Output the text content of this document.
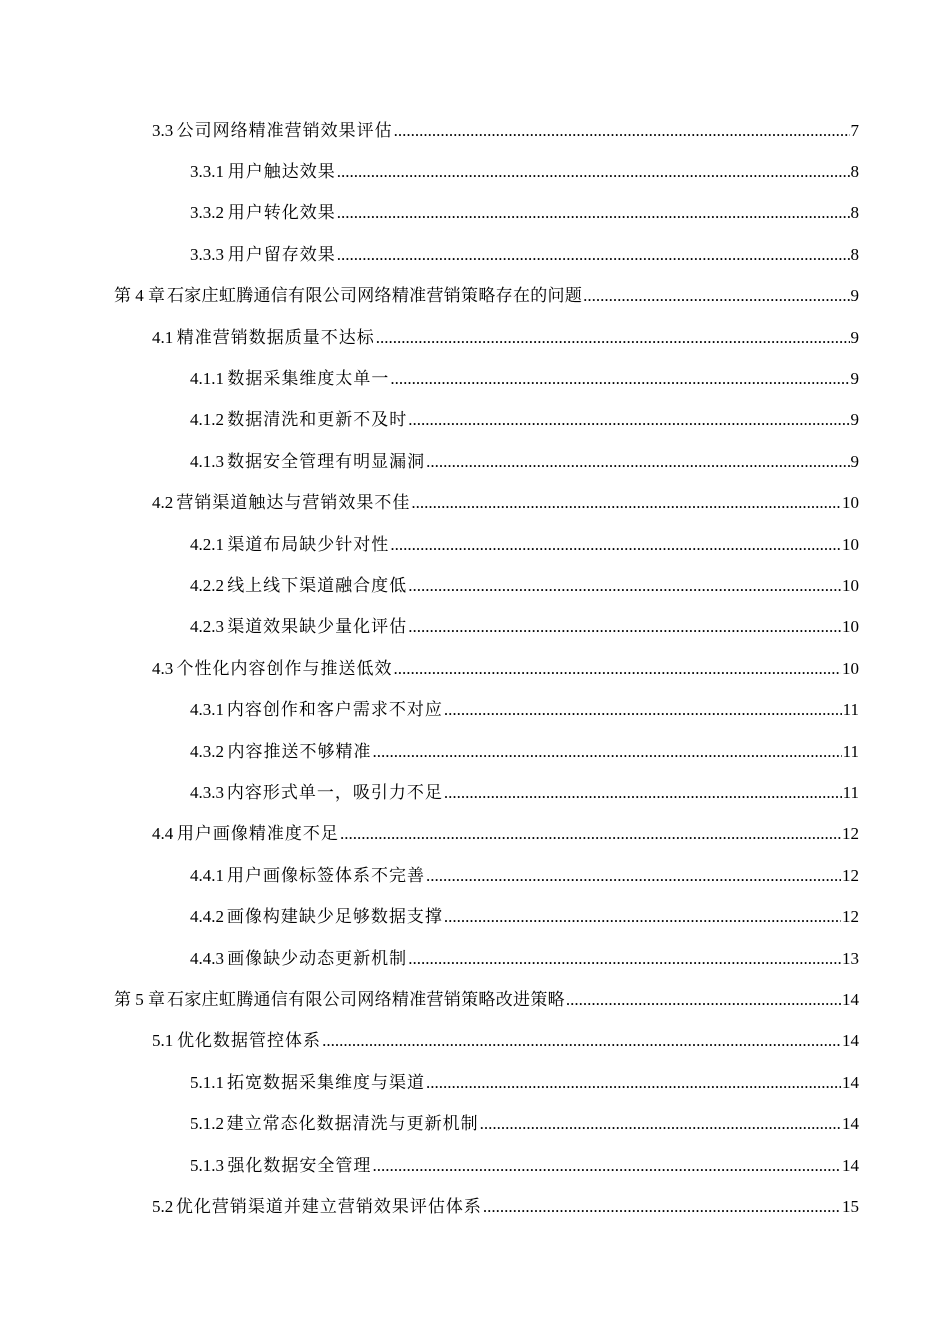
3.3 公司网络精准营销效果评估 .....	7
3.3.1 用户触达效果 .....	8
3.3.2 用户转化效果 .....	8
3.3.3 用户留存效果 .....	8
第 4 章 石家庄虹腾通信有限公司网络精准营销策略存在的问题 .....	9
4.1 精准营销数据质量不达标 .....	9
4.1.1 数据采集维度太单一 .....	9
4.1.2 数据清洗和更新不及时 .....	9
4.1.3 数据安全管理有明显漏洞 .....	9
4.2 营销渠道触达与营销效果不佳 .....	10
4.2.1 渠道布局缺少针对性 .....	10
4.2.2 线上线下渠道融合度低 .....	10
4.2.3 渠道效果缺少量化评估 .....	10
4.3 个性化内容创作与推送低效 .....	10
4.3.1 内容创作和客户需求不对应 .....	11
4.3.2 内容推送不够精准 .....	11
4.3.3 内容形式单一，吸引力不足 .....	11
4.4 用户画像精准度不足 .....	12
4.4.1 用户画像标签体系不完善 .....	12
4.4.2 画像构建缺少足够数据支撑 .....	12
4.4.3 画像缺少动态更新机制 .....	13
第 5 章 石家庄虹腾通信有限公司网络精准营销策略改进策略 .....	14
5.1 优化数据管控体系 .....	14
5.1.1 拓宽数据采集维度与渠道 .....	14
5.1.2 建立常态化数据清洗与更新机制 .....	14
5.1.3 强化数据安全管理 .....	14
5.2 优化营销渠道并建立营销效果评估体系 .....	15
